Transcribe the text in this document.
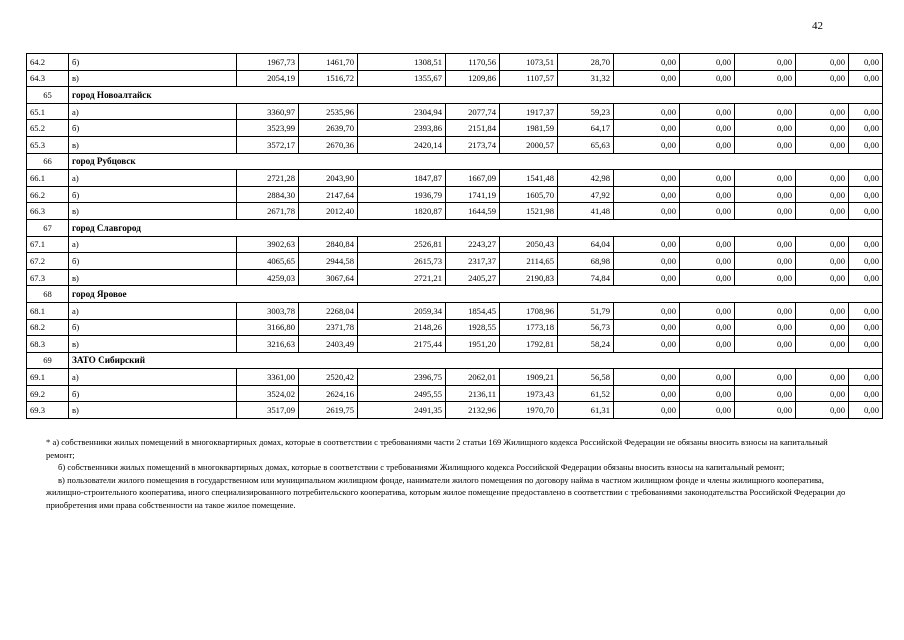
42
64.2	б)	1967,73	1461,70	1308,51	1170,56	1073,51	28,70	0,00	0,00	0,00	0,00	0,00
64.3	в)	2054,19	1516,72	1355,67	1209,86	1107,57	31,32	0,00	0,00	0,00	0,00	0,00
65	город Новоалтайск											
65.1	а)	3360,97	2535,96	2304,94	2077,74	1917,37	59,23	0,00	0,00	0,00	0,00	0,00
65.2	б)	3523,99	2639,70	2393,86	2151,84	1981,59	64,17	0,00	0,00	0,00	0,00	0,00
65.3	в)	3572,17	2670,36	2420,14	2173,74	2000,57	65,63	0,00	0,00	0,00	0,00	0,00
66	город Рубцовск											
66.1	а)	2721,28	2043,90	1847,87	1667,09	1541,48	42,98	0,00	0,00	0,00	0,00	0,00
66.2	б)	2884,30	2147,64	1936,79	1741,19	1605,70	47,92	0,00	0,00	0,00	0,00	0,00
66.3	в)	2671,78	2012,40	1820,87	1644,59	1521,98	41,48	0,00	0,00	0,00	0,00	0,00
67	город Славгород											
67.1	а)	3902,63	2840,84	2526,81	2243,27	2050,43	64,04	0,00	0,00	0,00	0,00	0,00
67.2	б)	4065,65	2944,58	2615,73	2317,37	2114,65	68,98	0,00	0,00	0,00	0,00	0,00
67.3	в)	4259,03	3067,64	2721,21	2405,27	2190,83	74,84	0,00	0,00	0,00	0,00	0,00
68	город Яровое											
68.1	а)	3003,78	2268,04	2059,34	1854,45	1708,96	51,79	0,00	0,00	0,00	0,00	0,00
68.2	б)	3166,80	2371,78	2148,26	1928,55	1773,18	56,73	0,00	0,00	0,00	0,00	0,00
68.3	в)	3216,63	2403,49	2175,44	1951,20	1792,81	58,24	0,00	0,00	0,00	0,00	0,00
69	ЗАТО Сибирский											
69.1	а)	3361,00	2520,42	2396,75	2062,01	1909,21	56,58	0,00	0,00	0,00	0,00	0,00
69.2	б)	3524,02	2624,16	2495,55	2136,11	1973,43	61,52	0,00	0,00	0,00	0,00	0,00
69.3	в)	3517,09	2619,75	2491,35	2132,96	1970,70	61,31	0,00	0,00	0,00	0,00	0,00

* а) собственники жилых помещений в многоквартирных домах, которые в соответствии с требованиями части 2 статьи 169 Жилищного кодекса Российской Федерации не обязаны вносить взносы на капитальный ремонт;

б) собственники жилых помещений в многоквартирных домах, которые в соответствии с требованиями Жилищного кодекса Российской Федерации обязаны вносить взносы на капитальный ремонт;

в) пользователи жилого помещения в государственном или муниципальном жилищном фонде, наниматели жилого помещения по договору найма в частном жилищном фонде и члены жилищного кооператива, жилищно-строительного кооператива, иного специализированного потребительского кооператива, которым жилое помещение предоставлено в соответствии с требованиями законодательства Российской Федерации до приобретения ими права собственности на такое жилое помещение.
